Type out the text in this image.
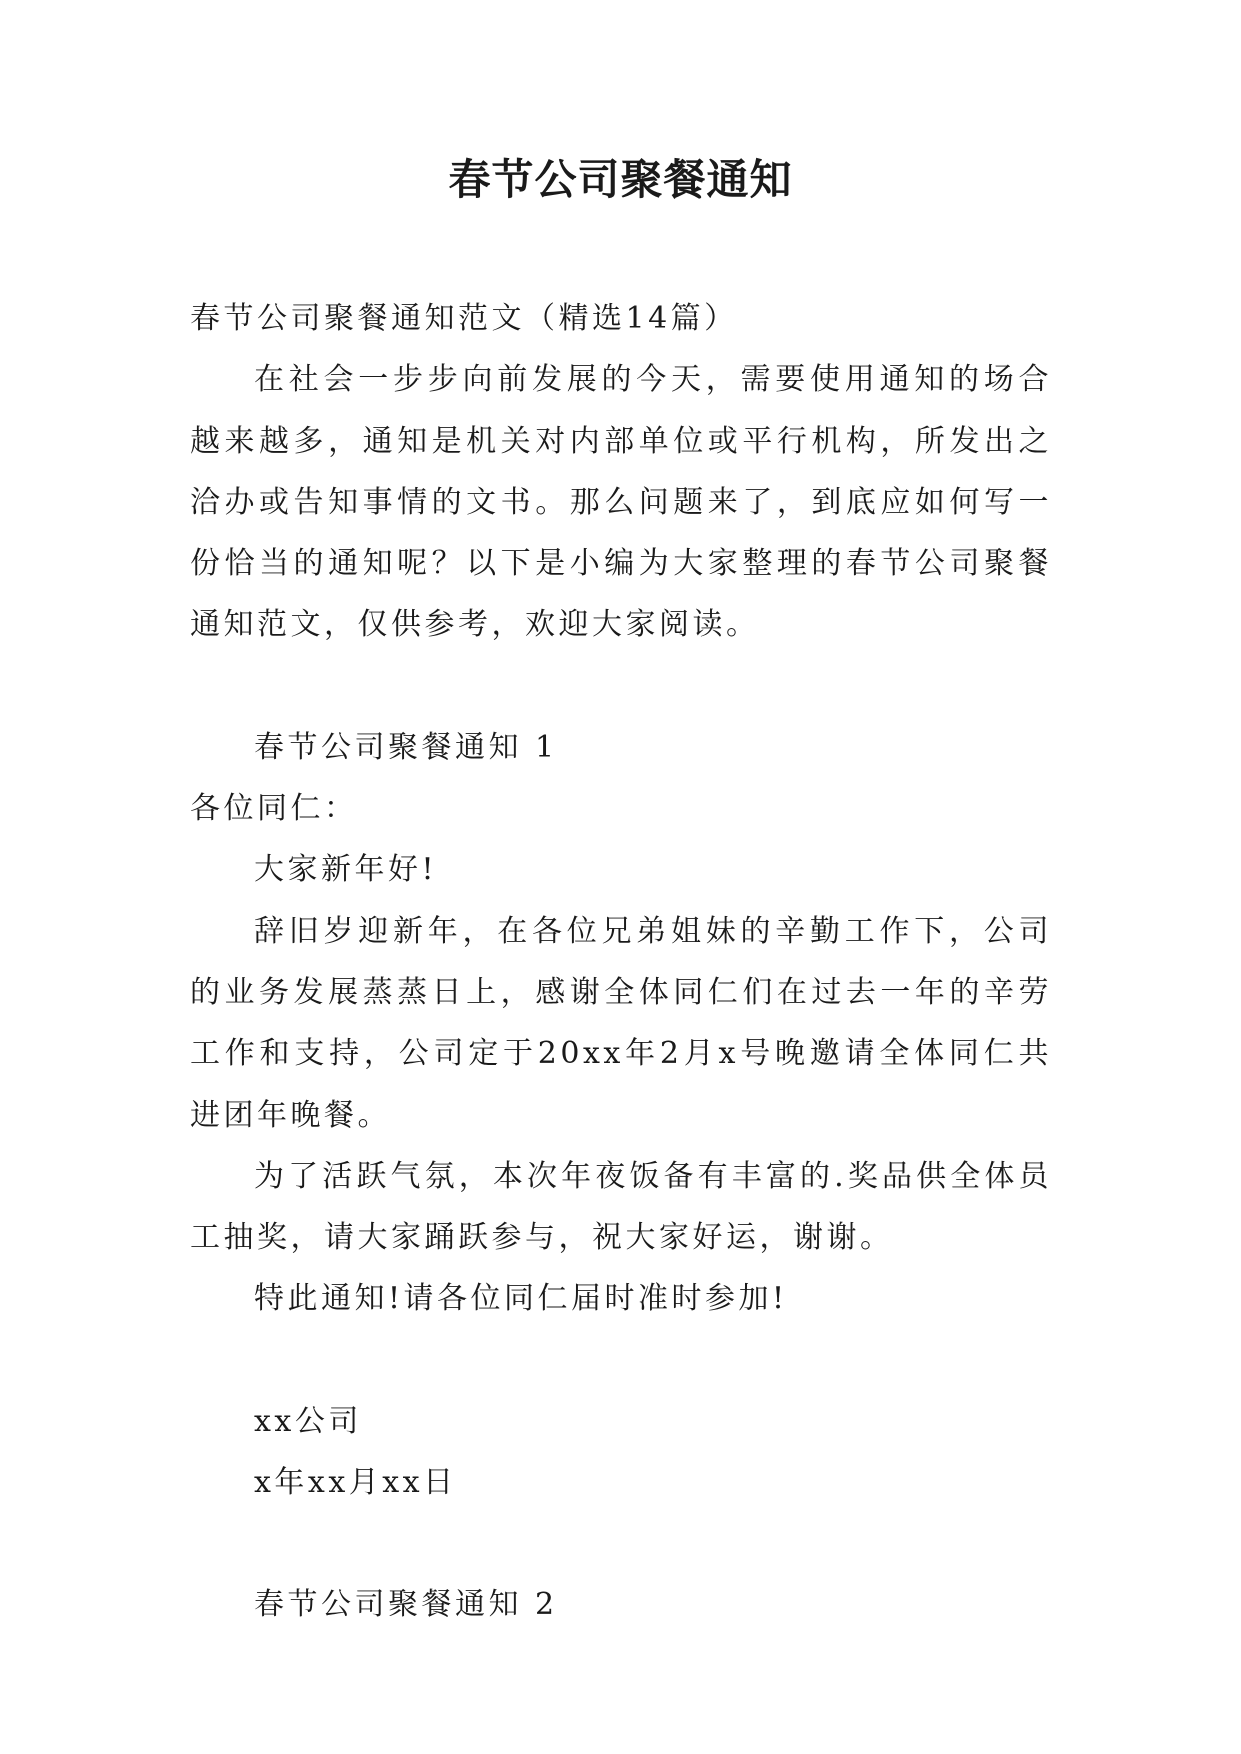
春节公司聚餐通知

春节公司聚餐通知范文（精选14篇）

在社会一步步向前发展的今天，需要使用通知的场合越来越多，通知是机关对内部单位或平行机构，所发出之洽办或告知事情的文书。那么问题来了，到底应如何写一份恰当的通知呢？以下是小编为大家整理的春节公司聚餐通知范文，仅供参考，欢迎大家阅读。

春节公司聚餐通知 1

各位同仁：

大家新年好!

辞旧岁迎新年，在各位兄弟姐妹的辛勤工作下，公司的业务发展蒸蒸日上，感谢全体同仁们在过去一年的辛劳工作和支持，公司定于20xx年2月x号晚邀请全体同仁共进团年晚餐。

为了活跃气氛，本次年夜饭备有丰富的.奖品供全体员工抽奖，请大家踊跃参与，祝大家好运，谢谢。

特此通知!请各位同仁届时准时参加!

xx公司

x年xx月xx日

春节公司聚餐通知 2
